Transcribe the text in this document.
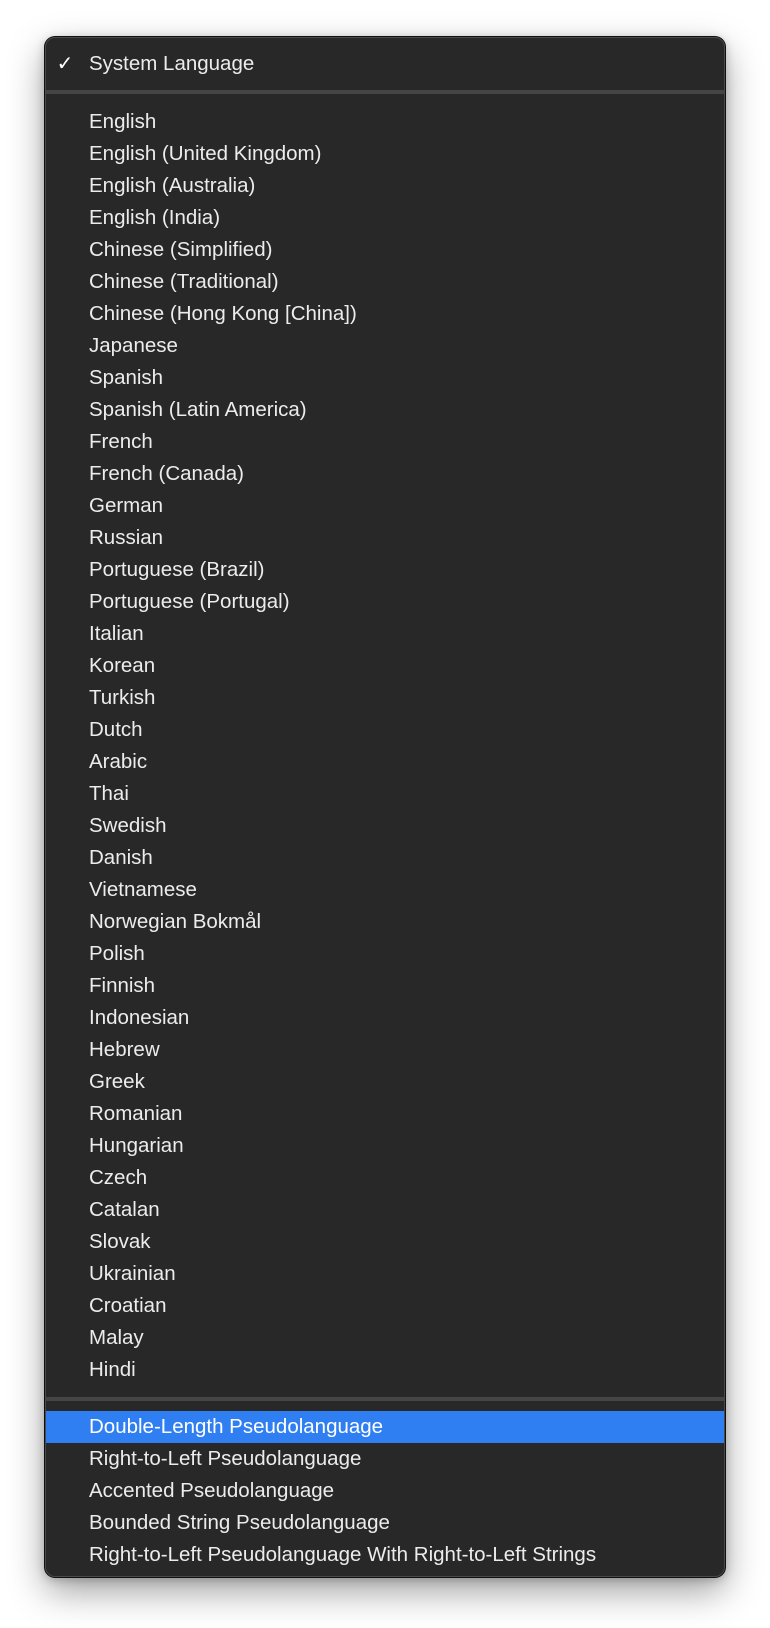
✓ System Language
English
English (United Kingdom)
English (Australia)
English (India)
Chinese (Simplified)
Chinese (Traditional)
Chinese (Hong Kong [China])
Japanese
Spanish
Spanish (Latin America)
French
French (Canada)
German
Russian
Portuguese (Brazil)
Portuguese (Portugal)
Italian
Korean
Turkish
Dutch
Arabic
Thai
Swedish
Danish
Vietnamese
Norwegian Bokmål
Polish
Finnish
Indonesian
Hebrew
Greek
Romanian
Hungarian
Czech
Catalan
Slovak
Ukrainian
Croatian
Malay
Hindi
Double-Length Pseudolanguage
Right-to-Left Pseudolanguage
Accented Pseudolanguage
Bounded String Pseudolanguage
Right-to-Left Pseudolanguage With Right-to-Left Strings
